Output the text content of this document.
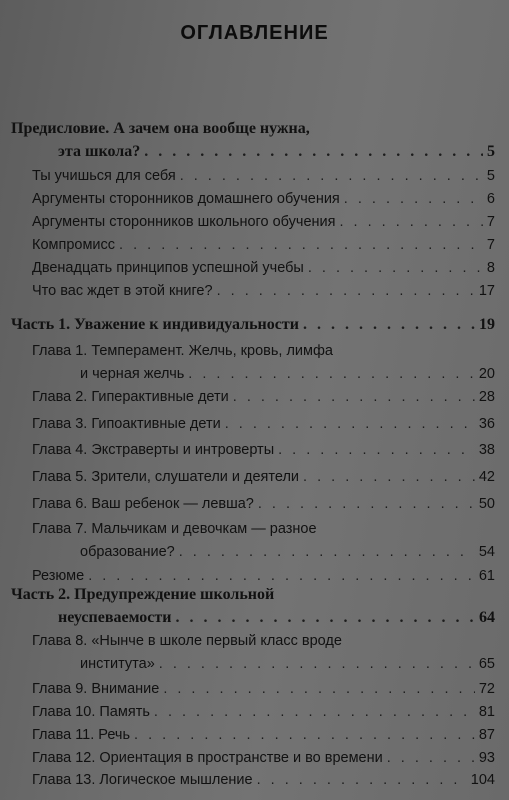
ОГЛАВЛЕНИЕ
Предисловие. А зачем она вообще нужна,
эта школа? . . .	5
Ты учишься для себя . . .	5
Аргументы сторонников домашнего обучения . . .	6
Аргументы сторонников школьного обучения . . .	7
Компромисс . . .	7
Двенадцать принципов успешной учебы . . .	8
Что вас ждет в этой книге? . . .	17
Часть 1. Уважение к индивидуальности . . .	19
Глава 1. Темперамент. Желчь, кровь, лимфа
и черная желчь . . .	20
Глава 2. Гиперактивные дети . . .	28
Глава 3. Гипоактивные дети . . .	36
Глава 4. Экстраверты и интроверты . . .	38
Глава 5. Зрители, слушатели и деятели . . .	42
Глава 6. Ваш ребенок — левша? . . .	50
Глава 7. Мальчикам и девочкам — разное
образование? . . .	54
Резюме . . .	61
Часть 2. Предупреждение школьной
неуспеваемости . . .	64
Глава 8. «Нынче в школе первый класс вроде
института» . . .	65
Глава 9. Внимание . . .	72
Глава 10. Память . . .	81
Глава 11. Речь . . .	87
Глава 12. Ориентация в пространстве и во времени . . .	93
Глава 13. Логическое мышление . . .	104
